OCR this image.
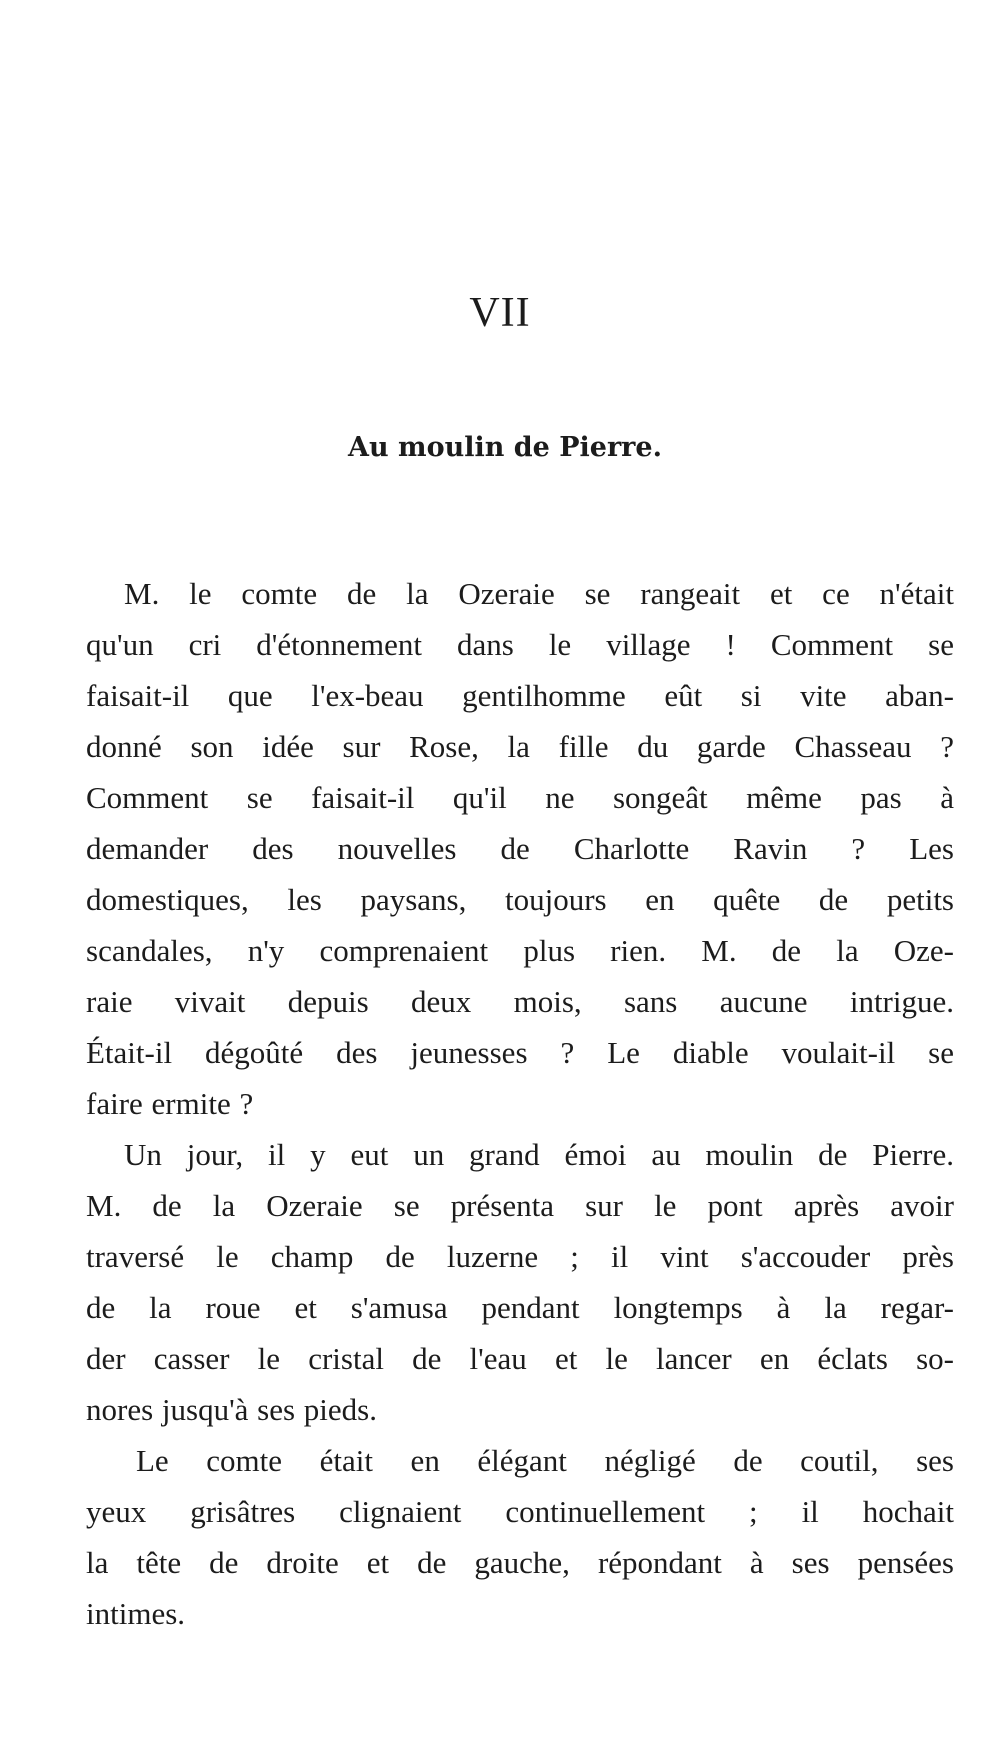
VII
Au moulin de Pierre.
M. le comte de la Ozeraie se rangeait et ce n'était
qu'un cri d'étonnement dans le village ! Comment se
faisait-il que l'ex-beau gentilhomme eût si vite aban-
donné son idée sur Rose, la fille du garde Chasseau ?
Comment se faisait-il qu'il ne songeât même pas à
demander des nouvelles de Charlotte Ravin ? Les
domestiques, les paysans, toujours en quête de petits
scandales, n'y comprenaient plus rien. M. de la Oze-
raie vivait depuis deux mois, sans aucune intrigue.
Était-il dégoûté des jeunesses ? Le diable voulait-il se
faire ermite ?
Un jour, il y eut un grand émoi au moulin de Pierre.
M. de la Ozeraie se présenta sur le pont après avoir
traversé le champ de luzerne ; il vint s'accouder près
de la roue et s'amusa pendant longtemps à la regar-
der casser le cristal de l'eau et le lancer en éclats so-
nores jusqu'à ses pieds.
Le comte était en élégant négligé de coutil, ses
yeux grisâtres clignaient continuellement ; il hochait
la tête de droite et de gauche, répondant à ses pensées
intimes.
